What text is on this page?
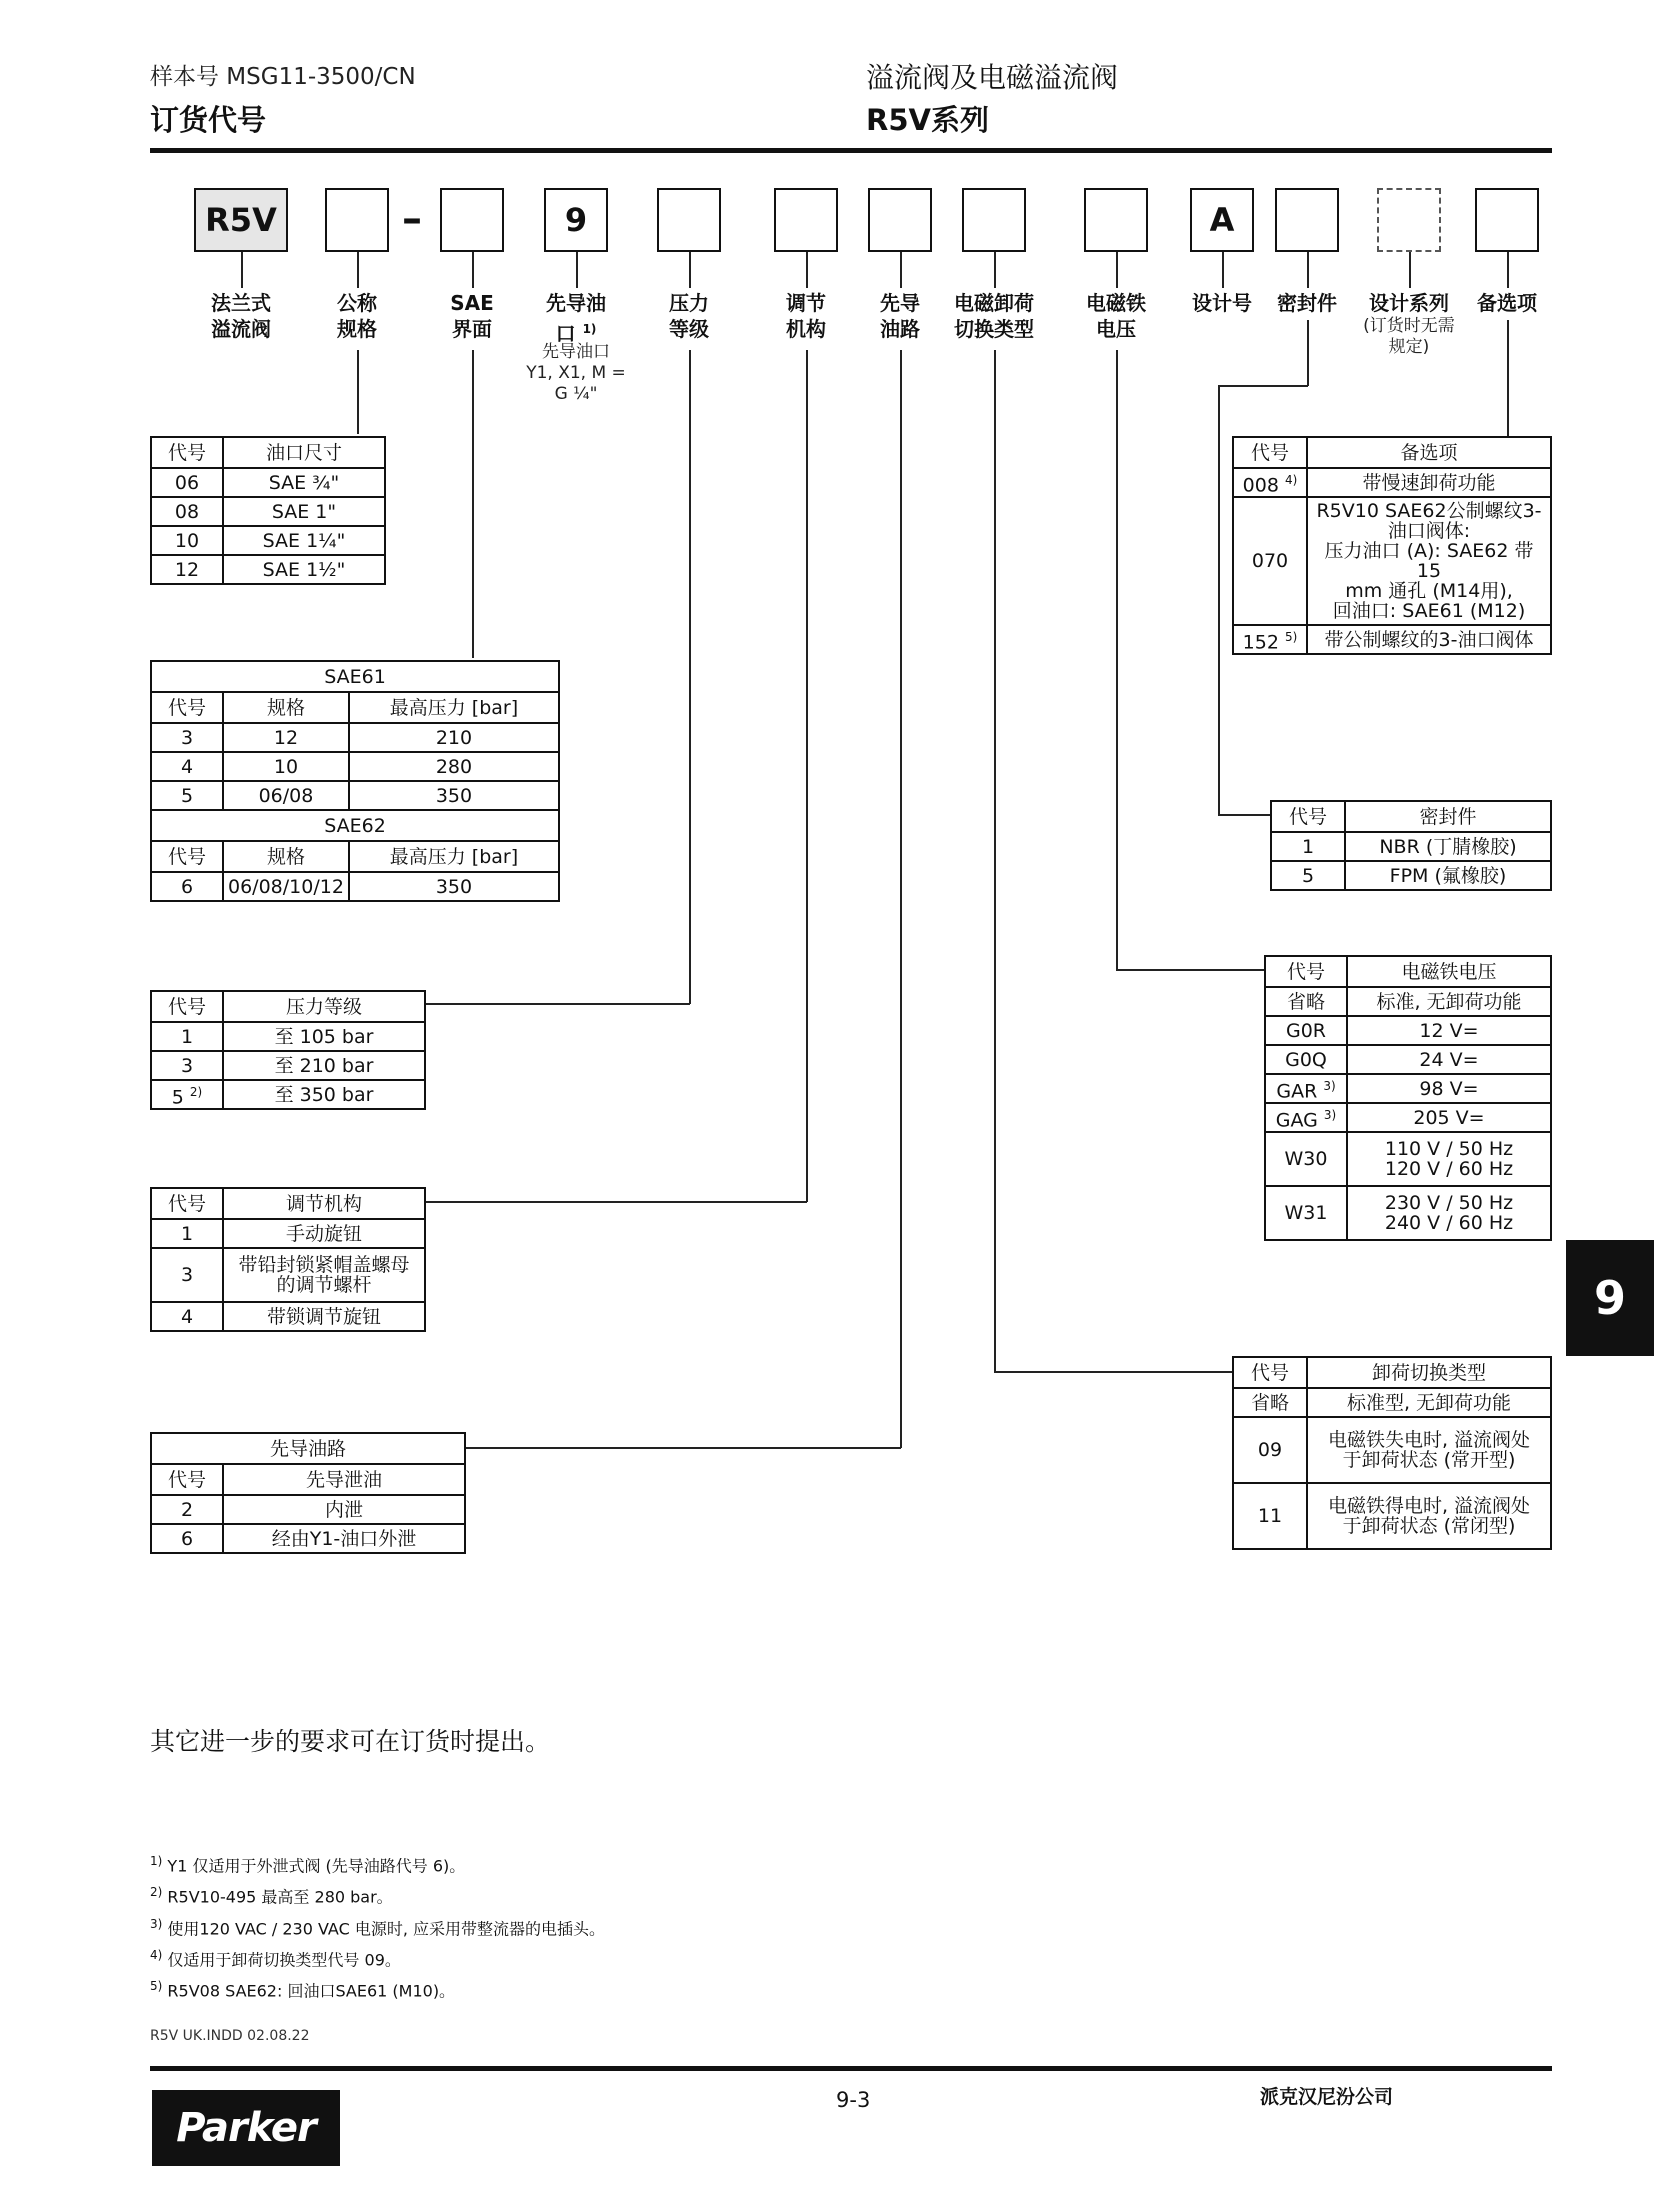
样本号 MSG11-3500/CN
订货代号
溢流阀及电磁溢流阀
R5V系列
R5V	–	9	A
法兰式
溢流阀
公称
规格
SAE
界面
先导油
口 $^{1)}$
先导油口
Y1, X1, M =
G ¼"
压力
等级
调节
机构
先导
油路
电磁卸荷
切换类型
电磁铁
电压
设计号	密封件	设计系列
(订货时无需
规定)
备选项
代号	油口尺寸
06	SAE ¾"
08	SAE 1"
10	SAE 1¼"
12	SAE 1½"
SAE61		
代号	规格	最高压力 [bar]
3	12	210
4	10	280
5	06/08	350
SAE62		
代号	规格	最高压力 [bar]
6	06/08/10/12	350
代号	压力等级
1	至 105 bar
3	至 210 bar
5 $^{2)}$	至 350 bar
代号	调节机构
1	手动旋钮
3	带铅封锁紧帽盖螺母
的调节螺杆
4	带锁调节旋钮
先导油路	
代号	先导泄油
2	内泄
6	经由Y1-油口外泄
代号	备选项
008 $^{4)}$	带慢速卸荷功能
070	R5V10 SAE62公制螺纹3-
油口阀体:
压力油口 (A): SAE62 带 15
mm 通孔 (M14用),
回油口: SAE61 (M12)
152 $^{5)}$	带公制螺纹的3-油口阀体
代号	密封件
1	NBR (丁腈橡胶)
5	FPM (氟橡胶)
代号	电磁铁电压
省略	标准, 无卸荷功能
G0R	12 V=
G0Q	24 V=
GAR $^{3)}$	98 V=
GAG $^{3)}$	205 V=
W30	110 V / 50 Hz
120 V / 60 Hz
W31	230 V / 50 Hz
240 V / 60 Hz
代号	卸荷切换类型
省略	标准型, 无卸荷功能
09	电磁铁失电时, 溢流阀处
于卸荷状态 (常开型)
11	电磁铁得电时, 溢流阀处
于卸荷状态 (常闭型)
9
其它进一步的要求可在订货时提出。
$^{1)}$ Y1 仅适用于外泄式阀 (先导油路代号 6)。
$^{2)}$ R5V10-495 最高至 280 bar。
$^{3)}$ 使用120 VAC / 230 VAC 电源时, 应采用带整流器的电插头。
$^{4)}$ 仅适用于卸荷切换类型代号 09。
$^{5)}$ R5V08 SAE62: 回油口SAE61 (M10)。
R5V UK.INDD 02.08.22
9-3	派克汉尼汾公司
Parker
